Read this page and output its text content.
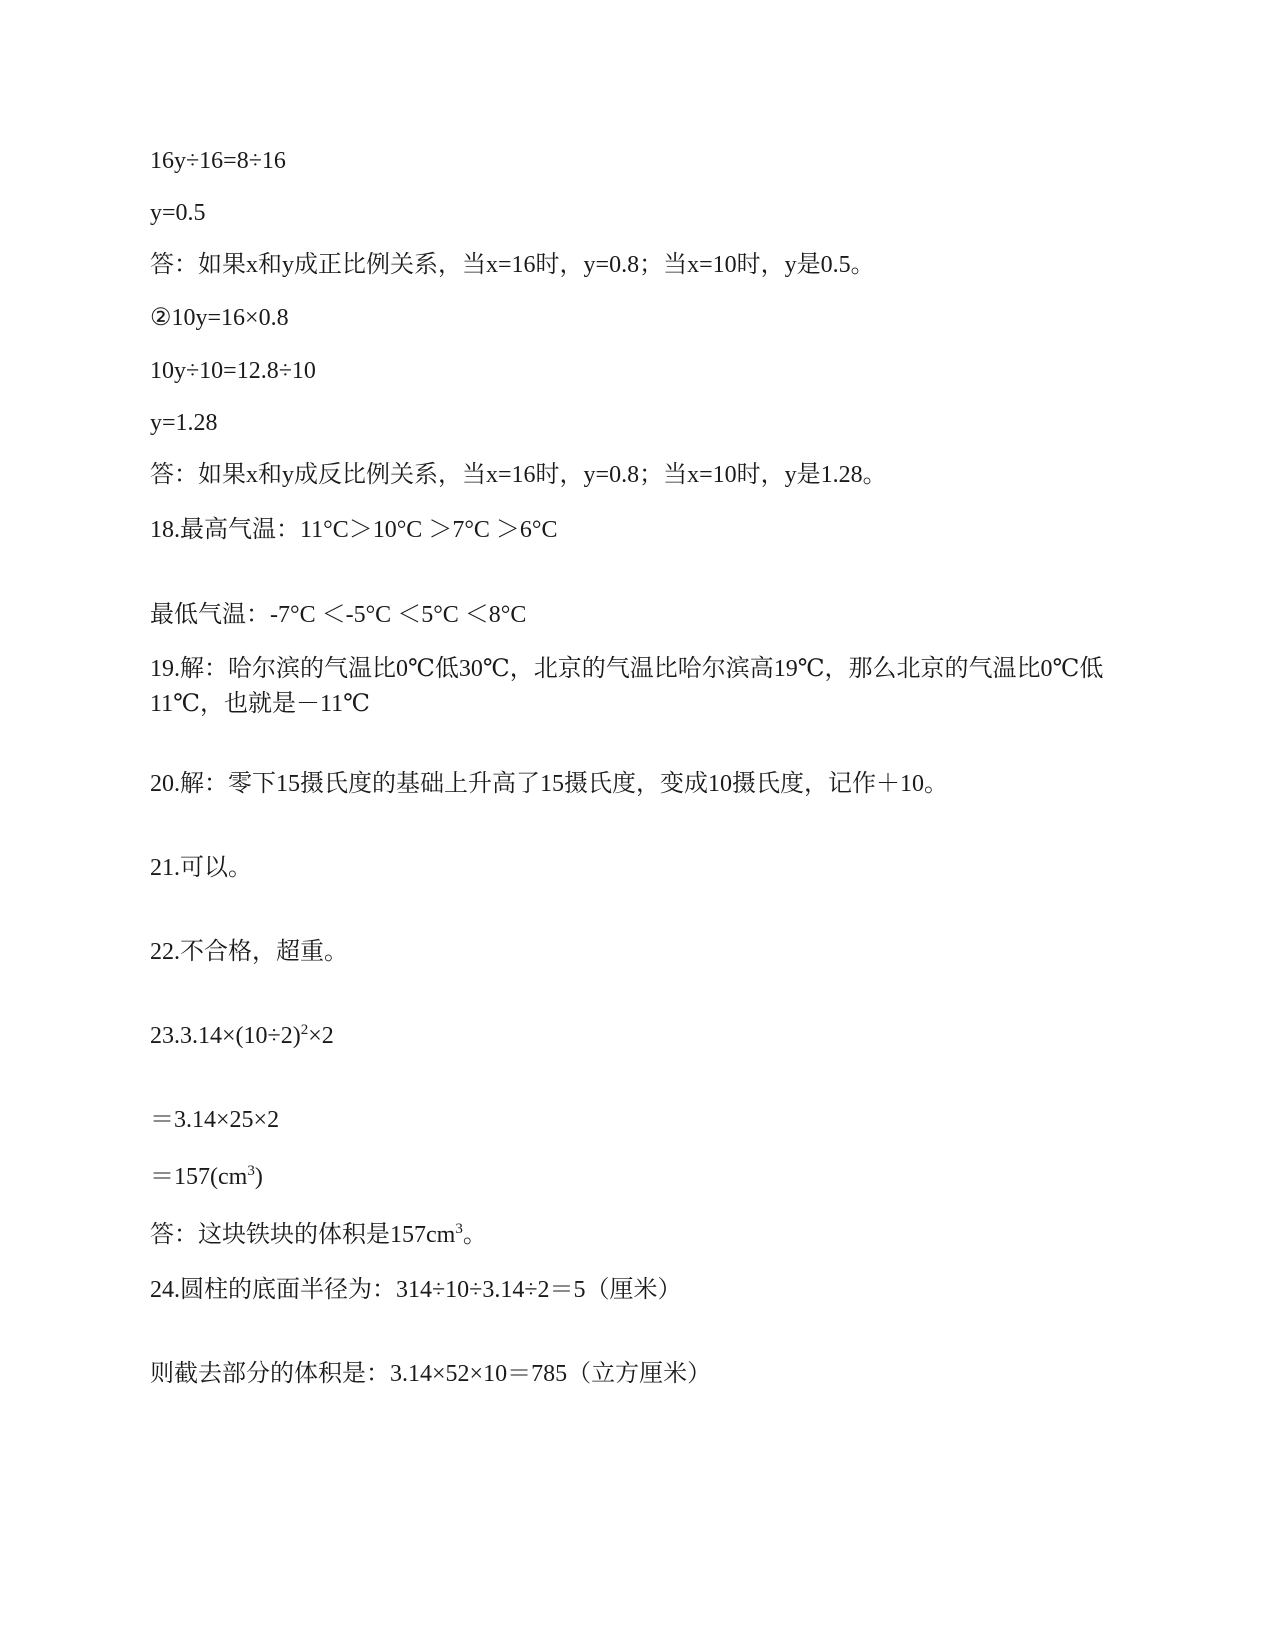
16y÷16=8÷16
y=0.5
答：如果x和y成正比例关系，当x=16时，y=0.8；当x=10时，y是0.5。
②10y=16×0.8
10y÷10=12.8÷10
y=1.28
答：如果x和y成反比例关系，当x=16时，y=0.8；当x=10时，y是1.28。
18.最高气温：11°C＞10°C ＞7°C ＞6°C
最低气温：-7°C ＜-5°C ＜5°C ＜8°C
19.解：哈尔滨的气温比0℃低30℃，北京的气温比哈尔滨高19℃，那么北京的气温比0℃低11℃，也就是－11℃
20.解：零下15摄氏度的基础上升高了15摄氏度，变成10摄氏度，记作＋10。
21.可以。
22.不合格，超重。
$23.3.14\times(10\div 2)^2\times 2$
＝3.14×25×2
$=157(cm^3)$
答：这块铁块的体积是$157cm^3$。
24.圆柱的底面半径为：314÷10÷3.14÷2＝5（厘米）
则截去部分的体积是：3.14×52×10＝785（立方厘米）
